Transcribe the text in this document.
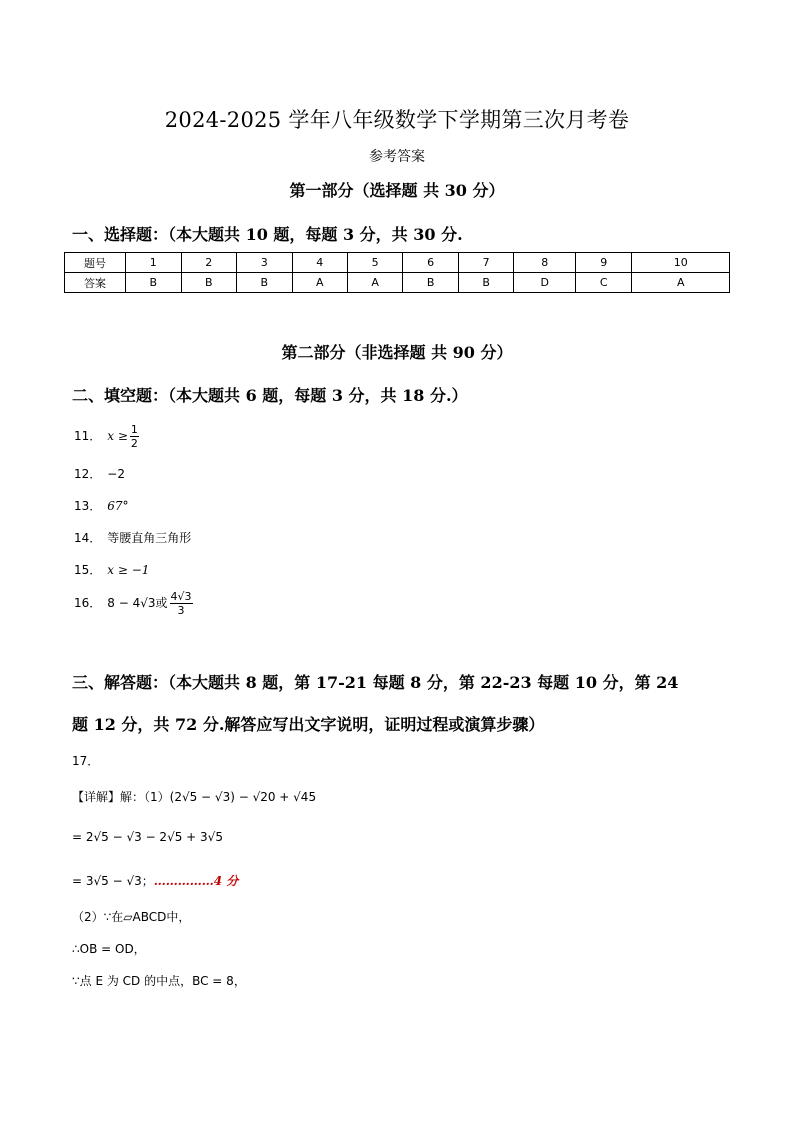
2024-2025 学年八年级数学下学期第三次月考卷
参考答案
第一部分（选择题 共 30 分）
一、选择题：（本大题共 10 题，每题 3 分，共 30 分.
题号	1	2	3	4	5	6	7	8	9	10
答案	B	B	B	A	A	B	B	D	C	A
第二部分（非选择题 共 90 分）
二、填空题：（本大题共 6 题，每题 3 分，共 18 分.）
11． $x \ge \frac{1}{2}$
12． −2
13． 67°
14． 等腰直角三角形
15． x ≥ −1
16． 8 − 4√3或 $\frac{4√3}{3}$
三、解答题：（本大题共 8 题，第 17-21 每题 8 分，第 22-23 每题 10 分，第 24
题 12 分，共 72 分.解答应写出文字说明，证明过程或演算步骤）
17．
【详解】解：（1）(2√5 − √3) − √20 + √45
= 2√5 − √3 − 2√5 + 3√5
= 3√5 − √3；……………4 分
（2）∵在▱ABCD中，
∴OB = OD，
∵点 E 为 CD 的中点，BC = 8，
